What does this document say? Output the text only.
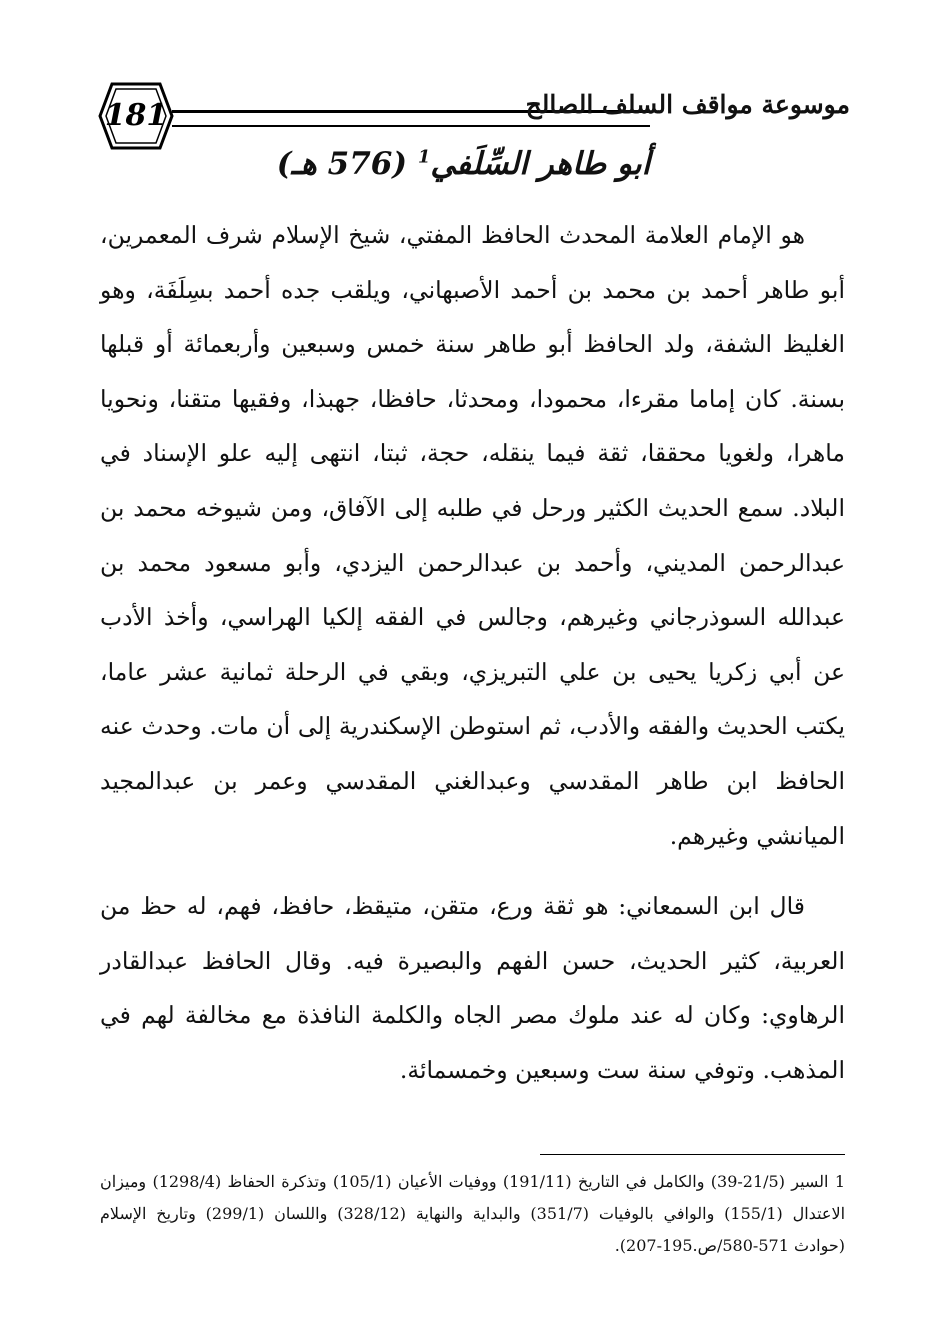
181	موسوعة مواقف السلف الصالح
أبو طاهر السِّلَفي$^1$ (576 هـ)

هو الإمام العلامة المحدث الحافظ المفتي، شيخ الإسلام شرف المعمرين، أبو طاهر أحمد بن محمد بن أحمد الأصبهاني، ويلقب جده أحمد بسِلَفَة، وهو الغليظ الشفة، ولد الحافظ أبو طاهر سنة خمس وسبعين وأربعمائة أو قبلها بسنة. كان إماما مقرءا، محمودا، ومحدثا، حافظا، جهبذا، وفقيها متقنا، ونحويا ماهرا، ولغويا محققا، ثقة فيما ينقله، حجة، ثبتا، انتهى إليه علو الإسناد في البلاد. سمع الحديث الكثير ورحل في طلبه إلى الآفاق، ومن شيوخه محمد بن عبدالرحمن المديني، وأحمد بن عبدالرحمن اليزدي، وأبو مسعود محمد بن عبدالله السوذرجاني وغيرهم، وجالس في الفقه إلكيا الهراسي، وأخذ الأدب عن أبي زكريا يحيى بن علي التبريزي، وبقي في الرحلة ثمانية عشر عاما، يكتب الحديث والفقه والأدب، ثم استوطن الإسكندرية إلى أن مات. وحدث عنه الحافظ ابن طاهر المقدسي وعبدالغني المقدسي وعمر بن عبدالمجيد الميانشي وغيرهم.

قال ابن السمعاني: هو ثقة ورع، متقن، متيقظ، حافظ، فهم، له حظ من العربية، كثير الحديث، حسن الفهم والبصيرة فيه. وقال الحافظ عبدالقادر الرهاوي: وكان له عند ملوك مصر الجاه والكلمة النافذة مع مخالفة لهم في المذهب. وتوفي سنة ست وسبعين وخمسمائة.

1 السير (21/5-39) والكامل في التاريخ (191/11) ووفيات الأعيان (105/1) وتذكرة الحفاظ (1298/4) وميزان الاعتدال (155/1) والوافي بالوفيات (351/7) والبداية والنهاية (328/12) واللسان (299/1) وتاريخ الإسلام (حوادث 571-580/ص.195-207).
